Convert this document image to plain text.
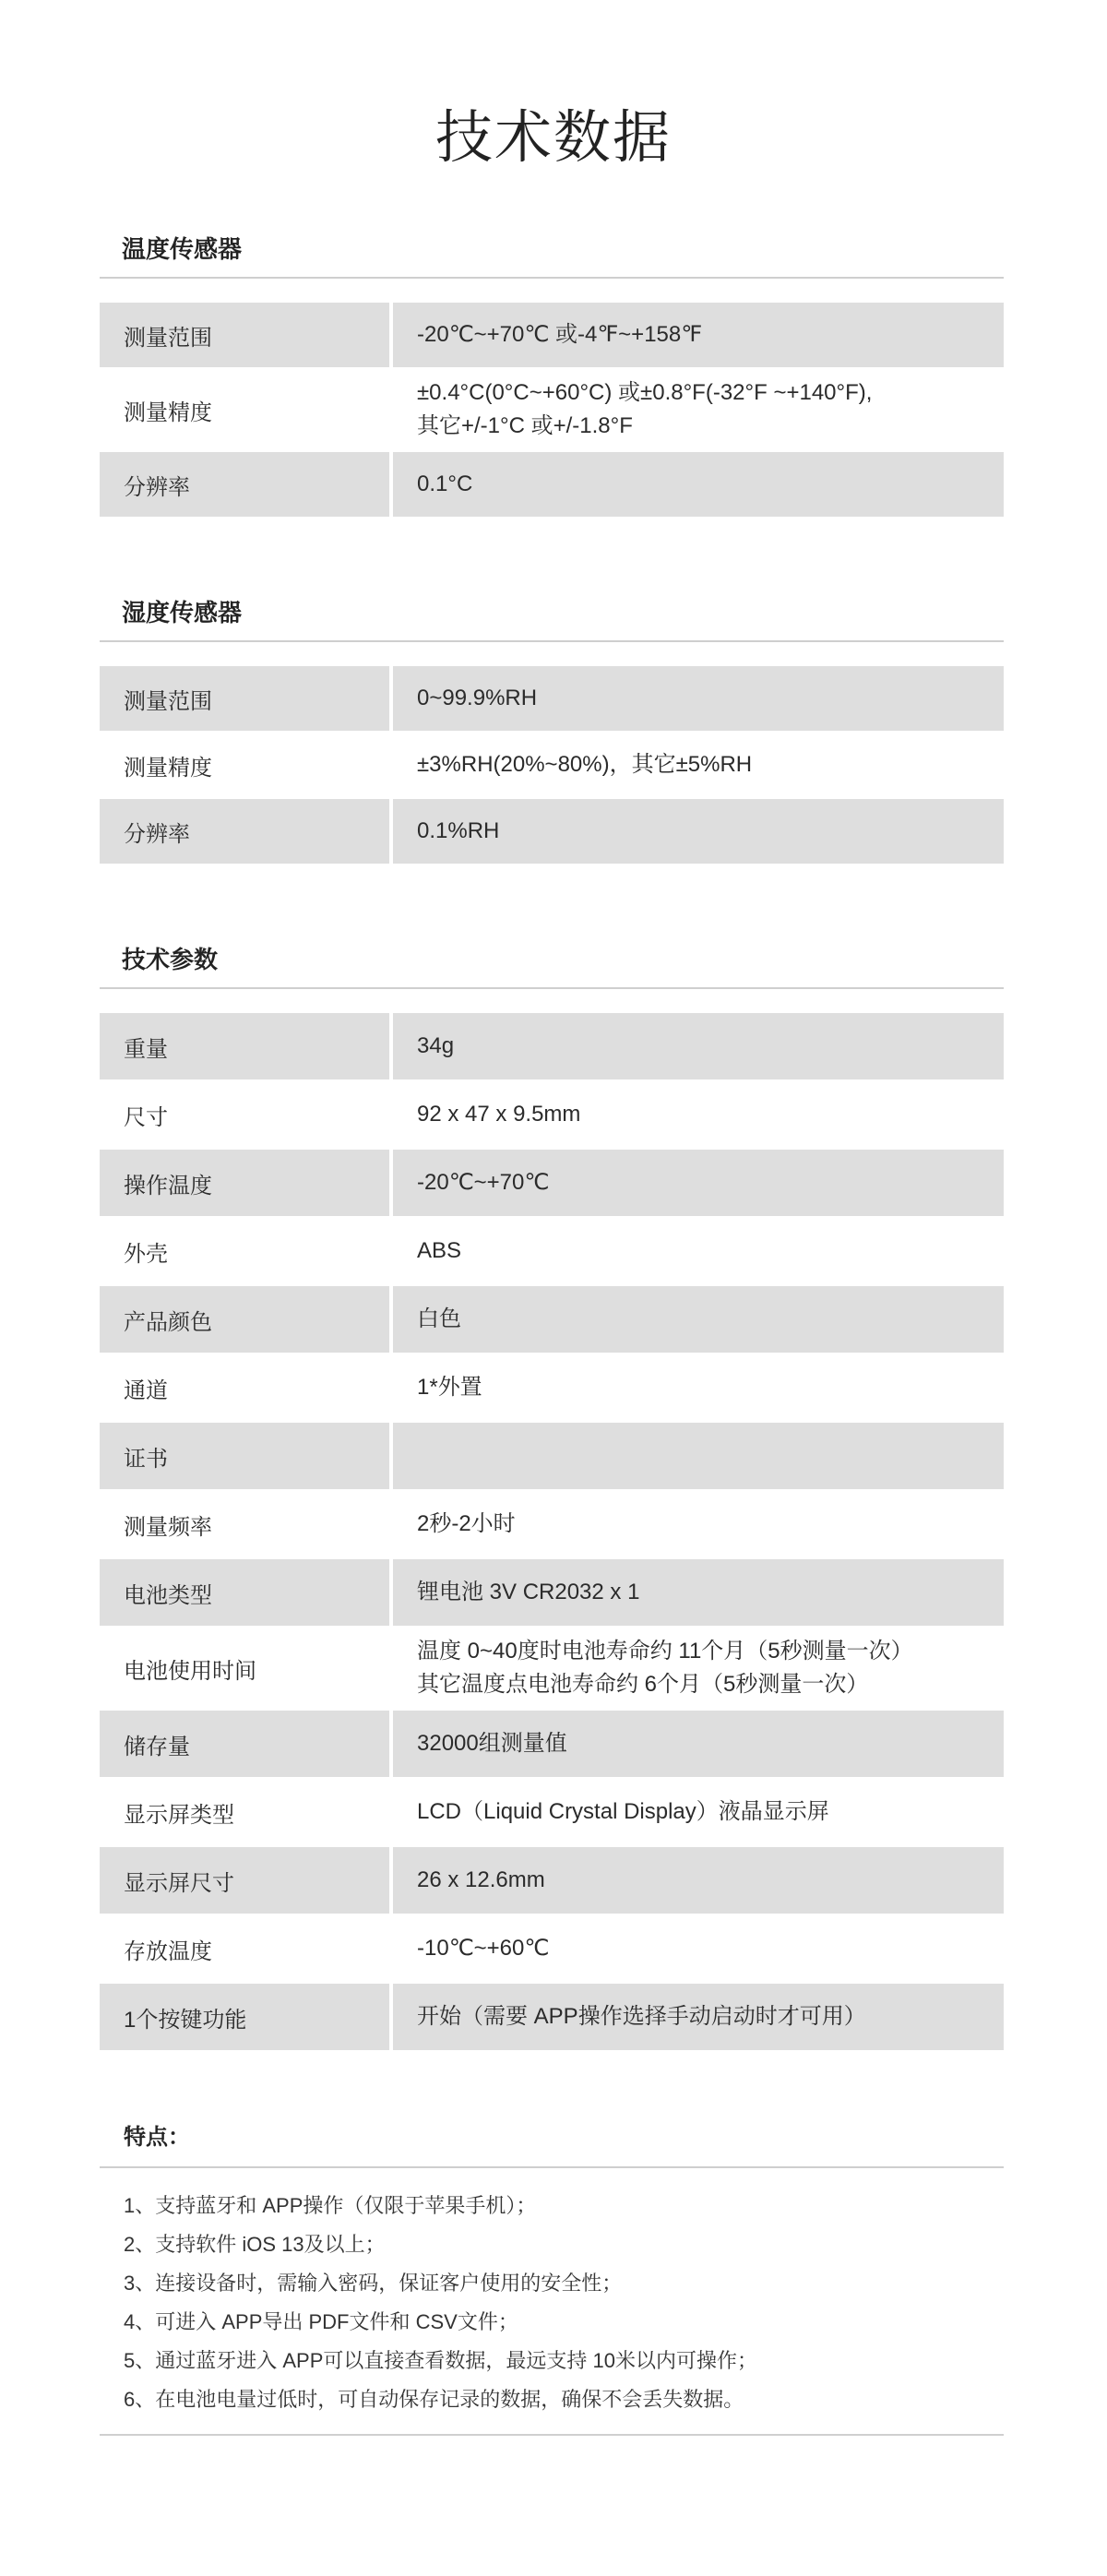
技术数据
温度传感器
测量范围	-20℃~+70℃ 或-4℉~+158℉
测量精度
±0.4°C(0°C~+60°C) 或±0.8°F(-32°F ~+140°F),
其它+/-1°C 或+/-1.8°F
分辨率	0.1°C
湿度传感器
测量范围	0~99.9%RH
测量精度	±3%RH(20%~80%)，其它±5%RH
分辨率	0.1%RH
技术参数
重量	34g
尺寸	92 x 47 x 9.5mm
操作温度	-20℃~+70℃
外壳	ABS
产品颜色	白色
通道	1*外置
证书
测量频率	2秒-2小时
电池类型	锂电池 3V CR2032 x 1
电池使用时间
温度 0~40度时电池寿命约 11个月（5秒测量一次）
其它温度点电池寿命约 6个月（5秒测量一次）
储存量	32000组测量值
显示屏类型	LCD（Liquid Crystal Display）液晶显示屏
显示屏尺寸	26 x 12.6mm
存放温度	-10℃~+60℃
1个按键功能	开始（需要 APP操作选择手动启动时才可用）
特点：
1、支持蓝牙和 APP操作（仅限于苹果手机）；
2、支持软件 iOS 13及以上；
3、连接设备时，需输入密码，保证客户使用的安全性；
4、可进入 APP导出 PDF文件和 CSV文件；
5、通过蓝牙进入 APP可以直接查看数据，最远支持 10米以内可操作；
6、在电池电量过低时，可自动保存记录的数据，确保不会丢失数据。
